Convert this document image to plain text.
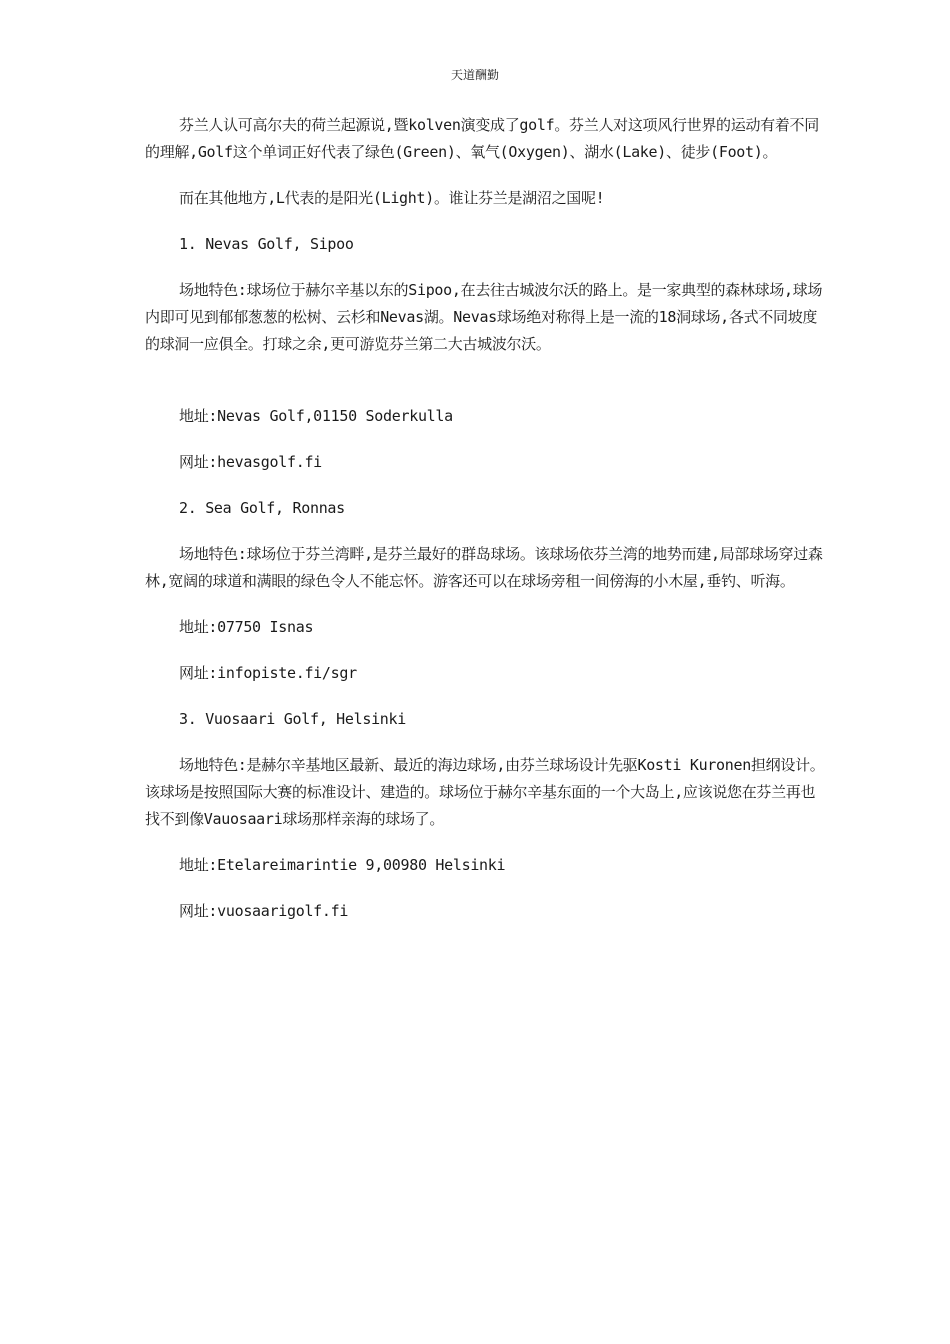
天道酬勤

芬兰人认可高尔夫的荷兰起源说,暨kolven演变成了golf。芬兰人对这项风行世界的运动有着不同的理解,Golf这个单词正好代表了绿色(Green)、氧气(Oxygen)、湖水(Lake)、徒步(Foot)。

而在其他地方,L代表的是阳光(Light)。谁让芬兰是湖沼之国呢!

1. Nevas Golf, Sipoo

场地特色:球场位于赫尔辛基以东的Sipoo,在去往古城波尔沃的路上。是一家典型的森林球场,球场内即可见到郁郁葱葱的松树、云杉和Nevas湖。Nevas球场绝对称得上是一流的18洞球场,各式不同坡度的球洞一应俱全。打球之余,更可游览芬兰第二大古城波尔沃。

地址:Nevas Golf,01150 Soderkulla

网址:hevasgolf.fi

2. Sea Golf, Ronnas

场地特色:球场位于芬兰湾畔,是芬兰最好的群岛球场。该球场依芬兰湾的地势而建,局部球场穿过森林,宽阔的球道和满眼的绿色令人不能忘怀。游客还可以在球场旁租一间傍海的小木屋,垂钓、听海。

地址:07750 Isnas

网址:infopiste.fi/sgr

3. Vuosaari Golf, Helsinki

场地特色:是赫尔辛基地区最新、最近的海边球场,由芬兰球场设计先驱Kosti Kuronen担纲设计。该球场是按照国际大赛的标准设计、建造的。球场位于赫尔辛基东面的一个大岛上,应该说您在芬兰再也找不到像Vauosaari球场那样亲海的球场了。

地址:Etelareimarintie 9,00980 Helsinki

网址:vuosaarigolf.fi
